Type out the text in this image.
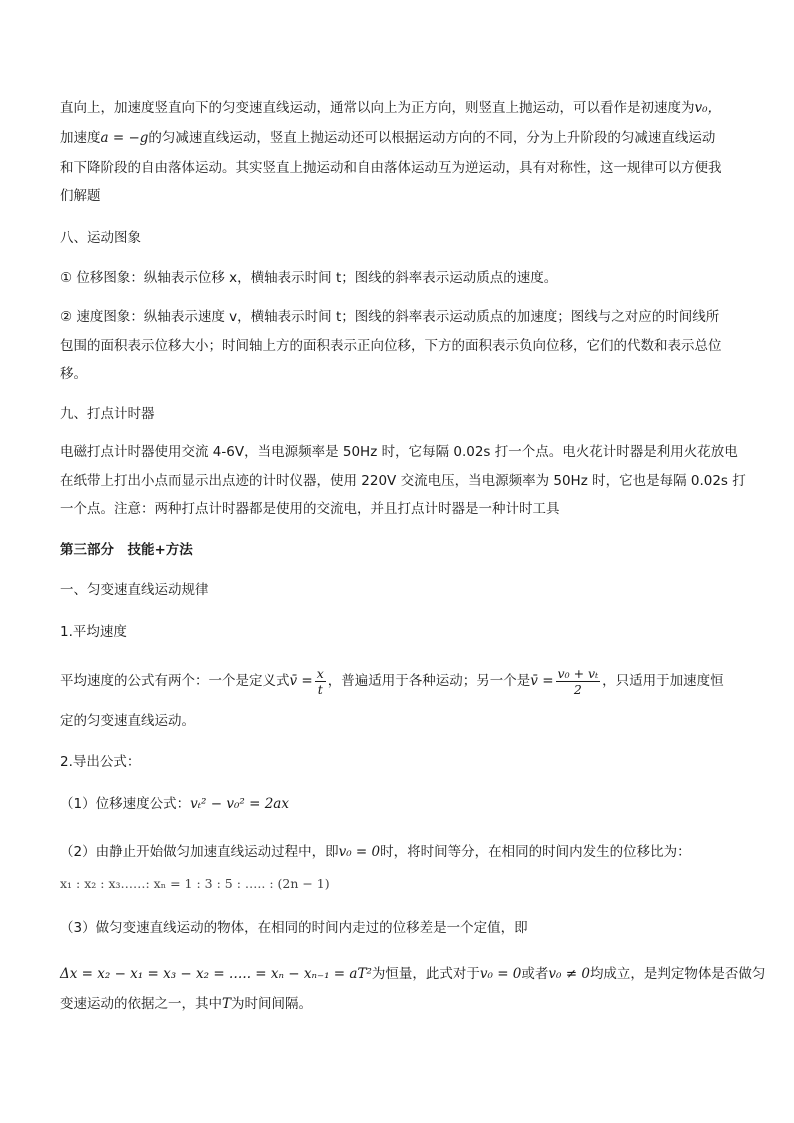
直向上，加速度竖直向下的匀变速直线运动，通常以向上为正方向，则竖直上抛运动，可以看作是初速度为v₀，
加速度a = −g的匀减速直线运动，竖直上抛运动还可以根据运动方向的不同，分为上升阶段的匀减速直线运动
和下降阶段的自由落体运动。其实竖直上抛运动和自由落体运动互为逆运动，具有对称性，这一规律可以方便我
们解题
八、运动图象
① 位移图象：纵轴表示位移 x，横轴表示时间 t；图线的斜率表示运动质点的速度。
② 速度图象：纵轴表示速度 v，横轴表示时间 t；图线的斜率表示运动质点的加速度；图线与之对应的时间线所
包围的面积表示位移大小；时间轴上方的面积表示正向位移，下方的面积表示负向位移，它们的代数和表示总位
移。
九、打点计时器
电磁打点计时器使用交流 4-6V，当电源频率是 50Hz 时，它每隔 0.02s 打一个点。电火花计时器是利用火花放电
在纸带上打出小点而显示出点迹的计时仪器，使用 220V 交流电压，当电源频率为 50Hz 时，它也是每隔 0.02s 打
一个点。注意：两种打点计时器都是使用的交流电，并且打点计时器是一种计时工具
第三部分　技能+方法
一、匀变速直线运动规律
1.平均速度
平均速度的公式有两个：一个是定义式v̄ = $\frac{x}{t}$ ，普遍适用于各种运动；另一个是v̄ = $\frac{\text{v₀ + vₜ}}{2}$ ，只适用于加速度恒
定的匀变速直线运动。
2.导出公式：
（1）位移速度公式：vₜ² − v₀² = 2ax
（2）由静止开始做匀加速直线运动过程中，即v₀ = 0时，将时间等分，在相同的时间内发生的位移比为：
x₁ : x₂ : x₃……: xₙ = 1 : 3 : 5 : ….. : (2n − 1)
（3）做匀变速直线运动的物体，在相同的时间内走过的位移差是一个定值，即
Δx = x₂ − x₁ = x₃ − x₂ = ….. = xₙ − xₙ₋₁ = aT²为恒量，此式对于v₀ = 0或者v₀ ≠ 0均成立，是判定物体是否做匀
变速运动的依据之一，其中T为时间间隔。
